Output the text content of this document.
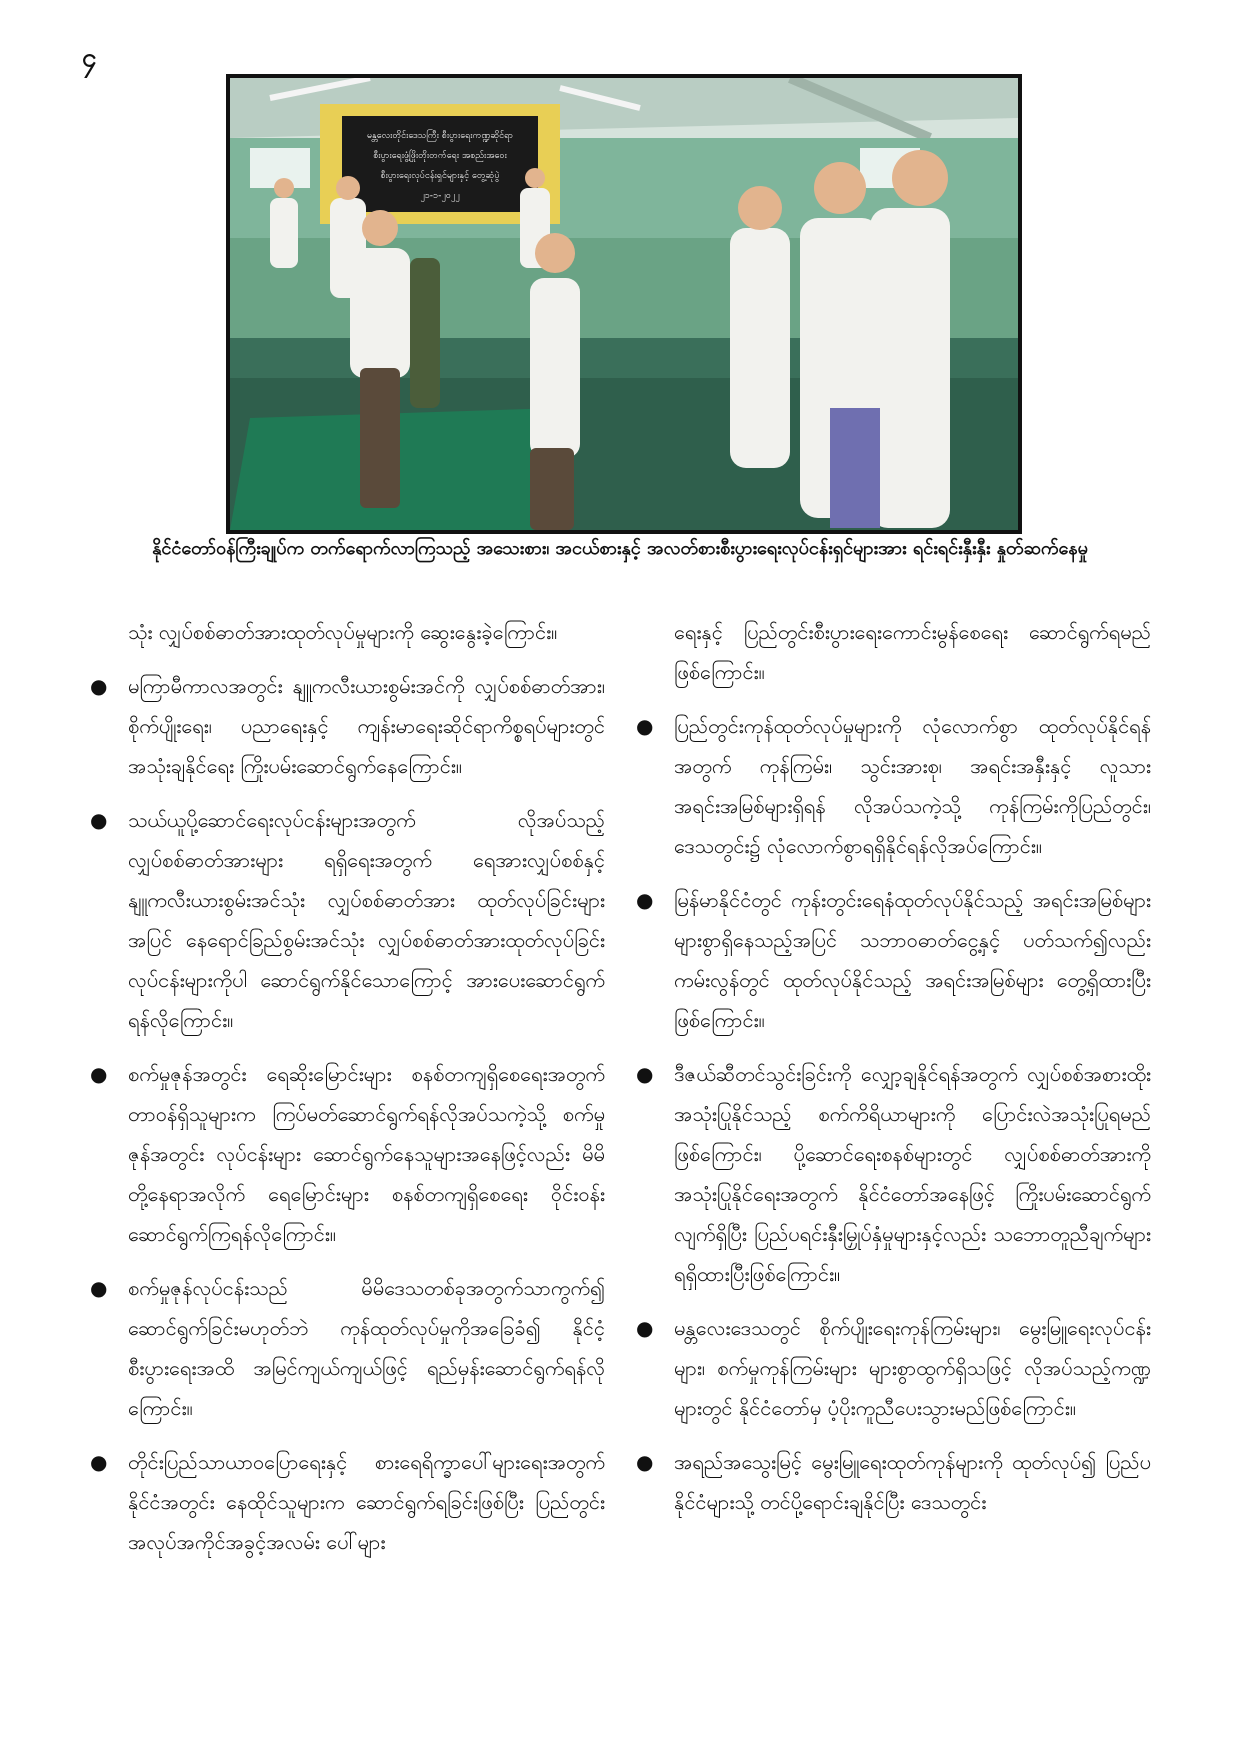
၄
မန္တလေးတိုင်းဒေသကြီး စီးပွားရေးကဏ္ဍဆိုင်ရာ
စီးပွားရေးဖွံ့ဖြိုးတိုးတက်ရေး အစည်းအဝေး
စီးပွားရေးလုပ်ငန်းရှင်များနှင့် တွေ့ဆုံပွဲ
၂၁-၁-၂၀၂၂
နိုင်ငံတော်ဝန်ကြီးချုပ်က တက်ရောက်လာကြသည့် အသေးစား၊ အငယ်စားနှင့် အလတ်စားစီးပွားရေးလုပ်ငန်းရှင်များအား ရင်းရင်းနှီးနှီး နှုတ်ဆက်နေမှု
သုံး လျှပ်စစ်ဓာတ်အားထုတ်လုပ်မှုများကို ဆွေးနွေးခဲ့ကြောင်း။
● မကြာမီကာလအတွင်း နျူကလီးယားစွမ်းအင်ကို လျှပ်စစ်ဓာတ်အား၊ စိုက်ပျိုးရေး၊ ပညာရေးနှင့် ကျန်းမာရေးဆိုင်ရာကိစ္စရပ်များတွင် အသုံးချနိုင်ရေး ကြိုးပမ်းဆောင်ရွက်နေကြောင်း။
● သယ်ယူပို့ဆောင်ရေးလုပ်ငန်းများအတွက် လိုအပ်သည့် လျှပ်စစ်ဓာတ်အားများ ရရှိရေးအတွက် ရေအားလျှပ်စစ်နှင့် နျူကလီးယားစွမ်းအင်သုံး လျှပ်စစ်ဓာတ်အား ထုတ်လုပ်ခြင်းများအပြင် နေရောင်ခြည်စွမ်းအင်သုံး လျှပ်စစ်ဓာတ်အားထုတ်လုပ်ခြင်းလုပ်ငန်းများကိုပါ ဆောင်ရွက်နိုင်သောကြောင့် အားပေးဆောင်ရွက်ရန်လိုကြောင်း။
● စက်မှုဇုန်အတွင်း ရေဆိုးမြောင်းများ စနစ်တကျရှိစေရေးအတွက် တာဝန်ရှိသူများက ကြပ်မတ်ဆောင်ရွက်ရန်လိုအပ်သကဲ့သို့ စက်မှုဇုန်အတွင်း လုပ်ငန်းများ ဆောင်ရွက်နေသူများအနေဖြင့်လည်း မိမိတို့နေရာအလိုက် ရေမြောင်းများ စနစ်တကျရှိစေရေး ဝိုင်းဝန်းဆောင်ရွက်ကြရန်လိုကြောင်း။
● စက်မှုဇုန်လုပ်ငန်းသည် မိမိဒေသတစ်ခုအတွက်သာကွက်၍ ဆောင်ရွက်ခြင်းမဟုတ်ဘဲ ကုန်ထုတ်လုပ်မှုကိုအခြေခံ၍ နိုင်ငံ့စီးပွားရေးအထိ အမြင်ကျယ်ကျယ်ဖြင့် ရည်မှန်းဆောင်ရွက်ရန်လိုကြောင်း။
● တိုင်းပြည်သာယာဝပြောရေးနှင့် စားရေရိက္ခာပေါ်များရေးအတွက် နိုင်ငံအတွင်း နေထိုင်သူများက ဆောင်ရွက်ရခြင်းဖြစ်ပြီး ပြည်တွင်းအလုပ်အကိုင်အခွင့်အလမ်း ပေါ်များ
ရေးနှင့် ပြည်တွင်းစီးပွားရေးကောင်းမွန်စေရေး ဆောင်ရွက်ရမည်ဖြစ်ကြောင်း။
● ပြည်တွင်းကုန်ထုတ်လုပ်မှုများကို လုံလောက်စွာ ထုတ်လုပ်နိုင်ရန်အတွက် ကုန်ကြမ်း၊ သွင်းအားစု၊ အရင်းအနှီးနှင့် လူသားအရင်းအမြစ်များရှိရန် လိုအပ်သကဲ့သို့ ကုန်ကြမ်းကိုပြည်တွင်း၊ ဒေသတွင်း၌ လုံလောက်စွာရရှိနိုင်ရန်လိုအပ်ကြောင်း။
● မြန်မာနိုင်ငံတွင် ကုန်းတွင်းရေနံထုတ်လုပ်နိုင်သည့် အရင်းအမြစ်များ များစွာရှိနေသည့်အပြင် သဘာဝဓာတ်ငွေ့နှင့် ပတ်သက်၍လည်း ကမ်းလွန်တွင် ထုတ်လုပ်နိုင်သည့် အရင်းအမြစ်များ တွေ့ရှိထားပြီးဖြစ်ကြောင်း။
● ဒီဇယ်ဆီတင်သွင်းခြင်းကို လျှော့ချနိုင်ရန်အတွက် လျှပ်စစ်အစားထိုး အသုံးပြုနိုင်သည့် စက်ကိရိယာများကို ပြောင်းလဲအသုံးပြုရမည်ဖြစ်ကြောင်း၊ ပို့ဆောင်ရေးစနစ်များတွင် လျှပ်စစ်ဓာတ်အားကို အသုံးပြုနိုင်ရေးအတွက် နိုင်ငံတော်အနေဖြင့် ကြိုးပမ်းဆောင်ရွက်လျက်ရှိပြီး ပြည်ပရင်းနှီးမြှုပ်နှံမှုများနှင့်လည်း သဘောတူညီချက်များ ရရှိထားပြီးဖြစ်ကြောင်း။
● မန္တလေးဒေသတွင် စိုက်ပျိုးရေးကုန်ကြမ်းများ၊ မွေးမြူရေးလုပ်ငန်းများ၊ စက်မှုကုန်ကြမ်းများ များစွာထွက်ရှိသဖြင့် လိုအပ်သည့်ကဏ္ဍများတွင် နိုင်ငံတော်မှ ပံ့ပိုးကူညီပေးသွားမည်ဖြစ်ကြောင်း။
● အရည်အသွေးမြင့် မွေးမြူရေးထုတ်ကုန်များကို ထုတ်လုပ်၍ ပြည်ပနိုင်ငံများသို့ တင်ပို့ရောင်းချနိုင်ပြီး ဒေသတွင်း
